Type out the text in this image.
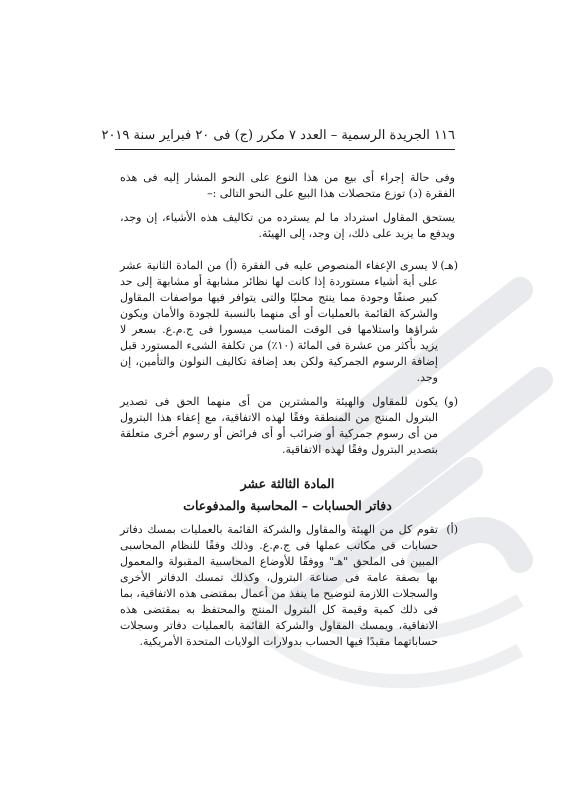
١١٦ الجريدة الرسمية – العدد ٧ مكرر (ج) فى ٢٠ فبراير سنة ٢٠١٩

وفى حالة إجراء أى بيع من هذا النوع على النحو المشار إليه فى هذه الفقرة (د) توزع متحصلات هذا البيع على النحو التالى :–

يستحق المقاول استرداد ما لم يسترده من تكاليف هذه الأشياء، إن وجد، ويدفع ما يزيد على ذلك، إن وجد، إلى الهيئة.

(هـ)

لا يسرى الإعفاء المنصوص عليه فى الفقرة (أ) من المادة الثانية عشر على أية أشياء مستوردة إذا كانت لها نظائر مشابهة أو مشابهة إلى حد كبير صنفًا وجودة مما ينتج محليًا والتى يتوافر فيها مواصفات المقاول والشركة القائمة بالعمليات أو أى منهما بالنسبة للجودة والأمان ويكون شراؤها واستلامها فى الوقت المناسب ميسورا فى ج.م.ع. بسعر لا يزيد بأكثر من عشرة فى المائة (١٠٪) من تكلفة الشىء المستورد قبل إضافة الرسوم الجمركية ولكن بعد إضافة تكاليف النولون والتأمين، إن وجد.

(و)

يكون للمقاول والهيئة والمشترين من أى منهما الحق فى تصدير البترول المنتج من المنطقة وفقًا لهذه الاتفاقية، مع إعفاء هذا البترول من أى رسوم جمركية أو ضرائب أو أى فرائض أو رسوم أخرى متعلقة بتصدير البترول وفقًا لهذه الاتفاقية.

المادة الثالثة عشر
دفاتر الحسابات – المحاسبة والمدفوعات
(أ)

تقوم كل من الهيئة والمقاول والشركة القائمة بالعمليات بمسك دفاتر حسابات فى مكاتب عملها فى ج.م.ع. وذلك وفقًا للنظام المحاسبى المبين فى الملحق "هـ" ووفقًا للأوضاع المحاسبية المقبولة والمعمول بها بصفة عامة فى صناعة البترول، وكذلك تمسك الدفاتر الأخرى والسجلات اللازمة لتوضيح ما ينفذ من أعمال بمقتضى هذه الاتفاقية، بما فى ذلك كمية وقيمة كل البترول المنتج والمحتفظ به بمقتضى هذه الاتفاقية، ويمسك المقاول والشركة القائمة بالعمليات دفاتر وسجلات حساباتهما مقيدًا فيها الحساب بدولارات الولايات المتحدة الأمريكية.
